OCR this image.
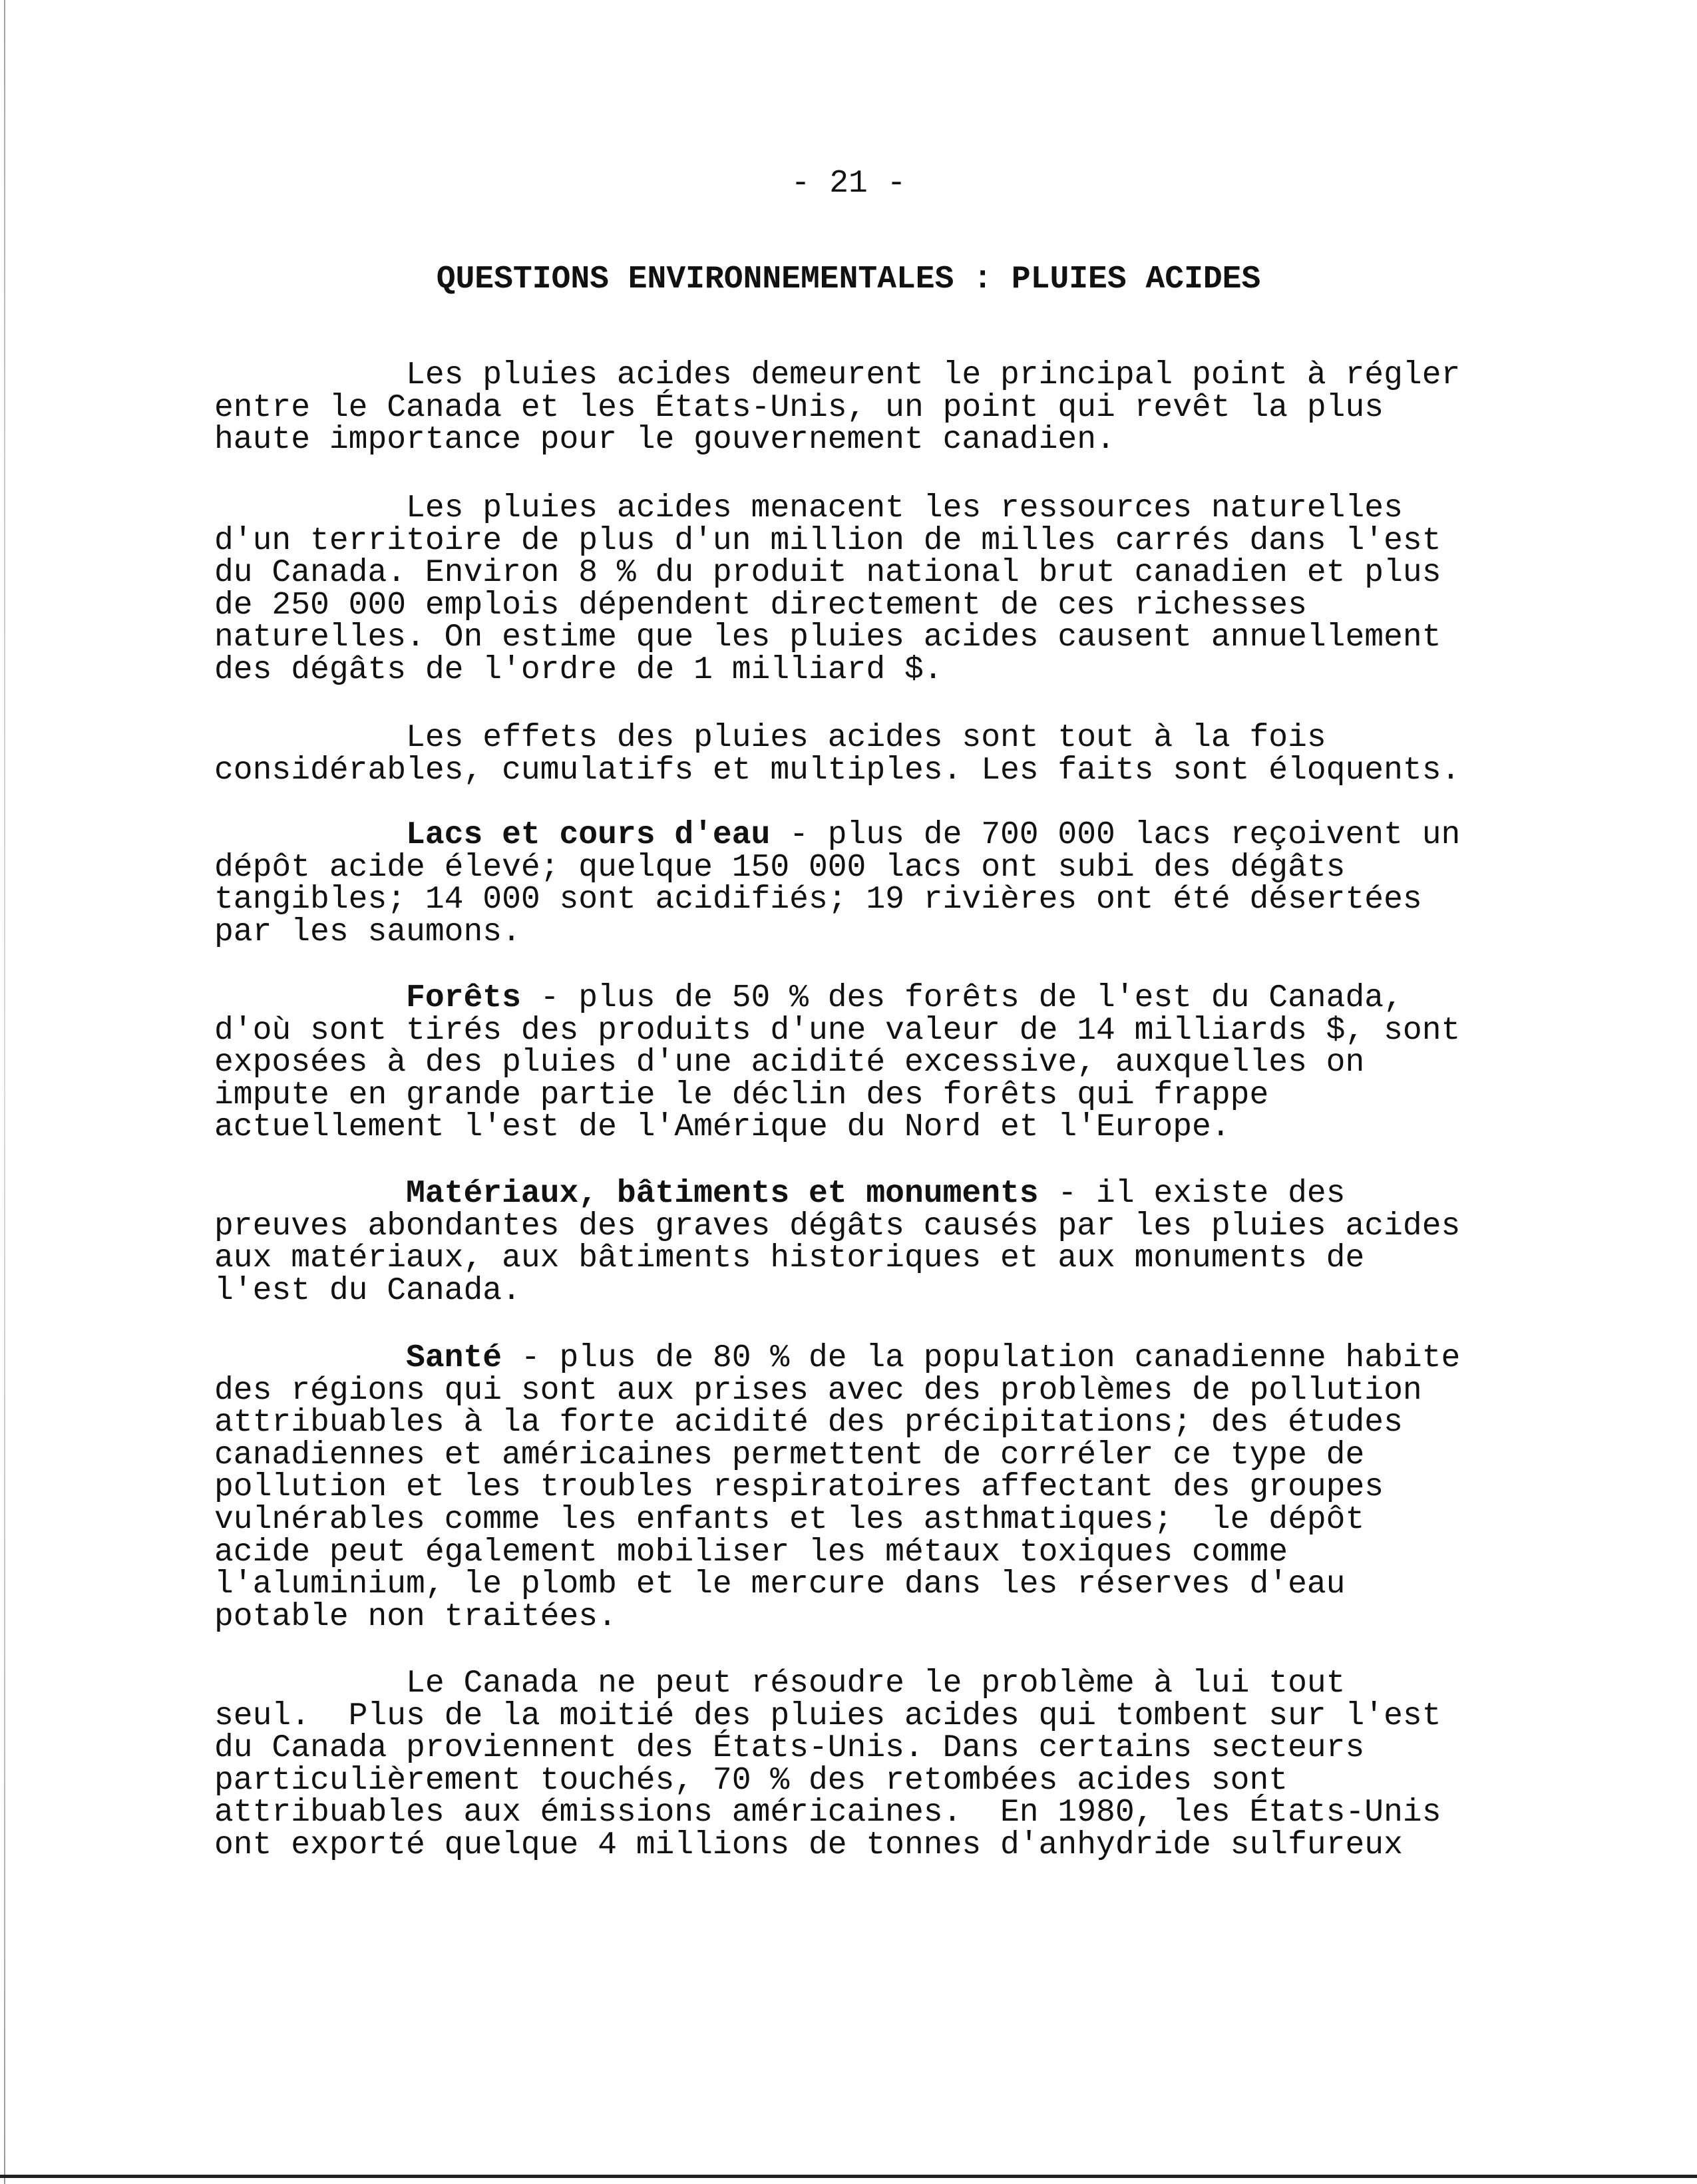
- 21 -
QUESTIONS ENVIRONNEMENTALES : PLUIES ACIDES

Les pluies acides demeurent le principal point à régler
entre le Canada et les États-Unis, un point qui revêt la plus
haute importance pour le gouvernement canadien.

Les pluies acides menacent les ressources naturelles
d'un territoire de plus d'un million de milles carrés dans l'est
du Canada. Environ 8 % du produit national brut canadien et plus
de 250 000 emplois dépendent directement de ces richesses
naturelles. On estime que les pluies acides causent annuellement
des dégâts de l'ordre de 1 milliard $.

Les effets des pluies acides sont tout à la fois
considérables, cumulatifs et multiples. Les faits sont éloquents.

Lacs et cours d'eau - plus de 700 000 lacs reçoivent un
dépôt acide élevé; quelque 150 000 lacs ont subi des dégâts
tangibles; 14 000 sont acidifiés; 19 rivières ont été désertées
par les saumons.

Forêts - plus de 50 % des forêts de l'est du Canada,
d'où sont tirés des produits d'une valeur de 14 milliards $, sont
exposées à des pluies d'une acidité excessive, auxquelles on
impute en grande partie le déclin des forêts qui frappe
actuellement l'est de l'Amérique du Nord et l'Europe.

Matériaux, bâtiments et monuments - il existe des
preuves abondantes des graves dégâts causés par les pluies acides
aux matériaux, aux bâtiments historiques et aux monuments de
l'est du Canada.

Santé - plus de 80 % de la population canadienne habite
des régions qui sont aux prises avec des problèmes de pollution
attribuables à la forte acidité des précipitations; des études
canadiennes et américaines permettent de corréler ce type de
pollution et les troubles respiratoires affectant des groupes
vulnérables comme les enfants et les asthmatiques;  le dépôt
acide peut également mobiliser les métaux toxiques comme
l'aluminium, le plomb et le mercure dans les réserves d'eau
potable non traitées.

Le Canada ne peut résoudre le problème à lui tout
seul.  Plus de la moitié des pluies acides qui tombent sur l'est
du Canada proviennent des États-Unis. Dans certains secteurs
particulièrement touchés, 70 % des retombées acides sont
attribuables aux émissions américaines.  En 1980, les États-Unis
ont exporté quelque 4 millions de tonnes d'anhydride sulfureux
